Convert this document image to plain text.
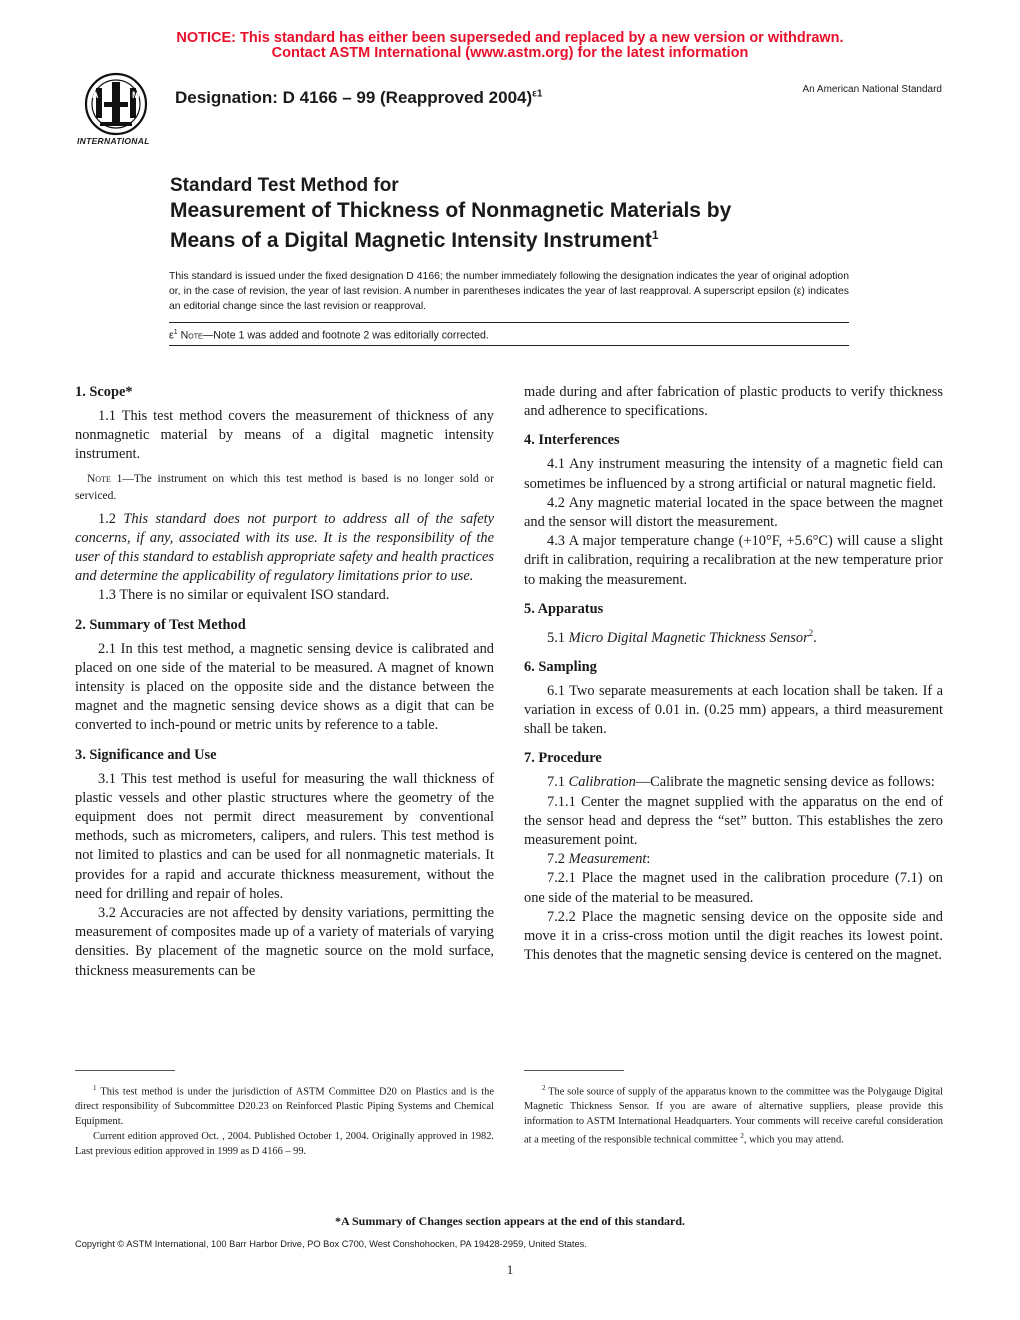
NOTICE: This standard has either been superseded and replaced by a new version or withdrawn.
Contact ASTM International (www.astm.org) for the latest information
A	M
INTERNATIONAL
Designation: D 4166 – 99 (Reapproved 2004)$^{\varepsilon 1}$	An American National Standard
Standard Test Method for
Measurement of Thickness of Nonmagnetic Materials by
Means of a Digital Magnetic Intensity Instrument$^1$
This standard is issued under the fixed designation D 4166; the number immediately following the designation indicates the year of original adoption or, in the case of revision, the year of last revision. A number in parentheses indicates the year of last reapproval. A superscript epsilon (ε) indicates an editorial change since the last revision or reapproval.
$\varepsilon^1$ Note—Note 1 was added and footnote 2 was editorially corrected.
1. Scope*

1.1 This test method covers the measurement of thickness of any nonmagnetic material by means of a digital magnetic intensity instrument.

Note 1—The instrument on which this test method is based is no longer sold or serviced.

1.2 This standard does not purport to address all of the safety concerns, if any, associated with its use. It is the responsibility of the user of this standard to establish appropriate safety and health practices and determine the applicability of regulatory limitations prior to use.

1.3 There is no similar or equivalent ISO standard.

2. Summary of Test Method

2.1 In this test method, a magnetic sensing device is calibrated and placed on one side of the material to be measured. A magnet of known intensity is placed on the opposite side and the distance between the magnet and the magnetic sensing device shows as a digit that can be converted to inch-pound or metric units by reference to a table.

3. Significance and Use

3.1 This test method is useful for measuring the wall thickness of plastic vessels and other plastic structures where the geometry of the equipment does not permit direct measurement by conventional methods, such as micrometers, calipers, and rulers. This test method is not limited to plastics and can be used for all nonmagnetic materials. It provides for a rapid and accurate thickness measurement, without the need for drilling and repair of holes.

3.2 Accuracies are not affected by density variations, permitting the measurement of composites made up of a variety of materials of varying densities. By placement of the magnetic source on the mold surface, thickness measurements can be

made during and after fabrication of plastic products to verify thickness and adherence to specifications.

4. Interferences

4.1 Any instrument measuring the intensity of a magnetic field can sometimes be influenced by a strong artificial or natural magnetic field.

4.2 Any magnetic material located in the space between the magnet and the sensor will distort the measurement.

4.3 A major temperature change (+10°F, +5.6°C) will cause a slight drift in calibration, requiring a recalibration at the new temperature prior to making the measurement.

5. Apparatus

5.1 Micro Digital Magnetic Thickness Sensor$^2$.

6. Sampling

6.1 Two separate measurements at each location shall be taken. If a variation in excess of 0.01 in. (0.25 mm) appears, a third measurement shall be taken.

7. Procedure

7.1 Calibration—Calibrate the magnetic sensing device as follows:

7.1.1 Center the magnet supplied with the apparatus on the end of the sensor head and depress the “set” button. This establishes the zero measurement point.

7.2 Measurement:

7.2.1 Place the magnet used in the calibration procedure (7.1) on one side of the material to be measured.

7.2.2 Place the magnetic sensing device on the opposite side and move it in a criss-cross motion until the digit reaches its lowest point. This denotes that the magnetic sensing device is centered on the magnet.

$^1$ This test method is under the jurisdiction of ASTM Committee D20 on Plastics and is the direct responsibility of Subcommittee D20.23 on Reinforced Plastic Piping Systems and Chemical Equipment.

Current edition approved Oct. , 2004. Published October 1, 2004. Originally approved in 1982. Last previous edition approved in 1999 as D 4166 – 99.

$^2$ The sole source of supply of the apparatus known to the committee was the Polygauge Digital Magnetic Thickness Sensor. If you are aware of alternative suppliers, please provide this information to ASTM International Headquarters. Your comments will receive careful consideration at a meeting of the responsible technical committee $^2$, which you may attend.

*A Summary of Changes section appears at the end of this standard.
Copyright © ASTM International, 100 Barr Harbor Drive, PO Box C700, West Conshohocken, PA 19428-2959, United States.
1
